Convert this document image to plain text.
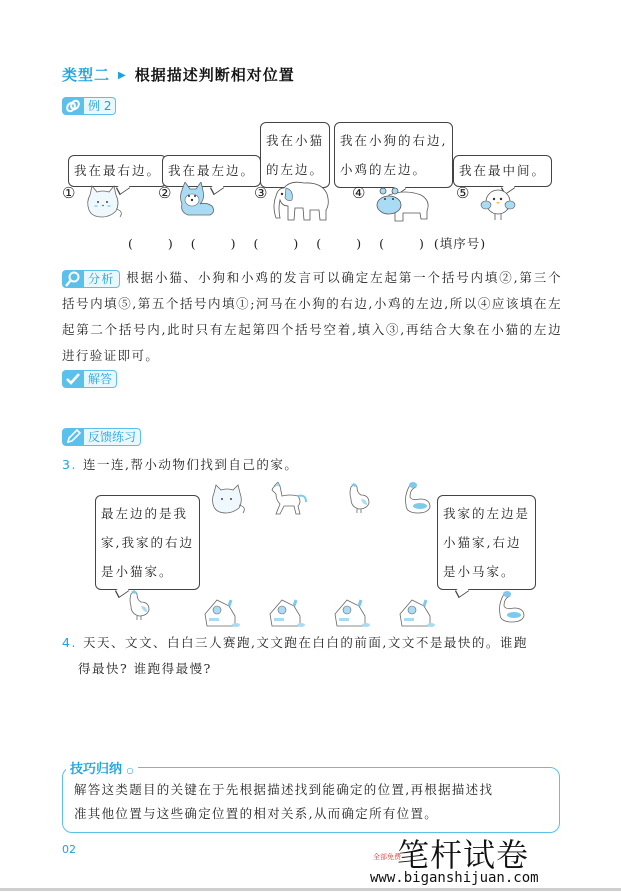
类型二 ▶ 根据描述判断相对位置
例 2
我在最右边。 我在最左边。
我在小猫
的左边。
我在小狗的右边,
小鸡的左边。	我在最中间。
①	②	③	④	⑤
(	) (	) (	) (	) (	) (填序号)
分析 根据小猫、小狗和小鸡的发言可以确定左起第一个括号内填②,第三个括号内填⑤,第五个括号内填①;河马在小狗的右边,小鸡的左边,所以④应该填在左起第二个括号内,此时只有左起第四个括号空着,填入③,再结合大象在小猫的左边进行验证即可。
解答
反馈练习
3. 连一连,帮小动物们找到自己的家。
最左边的是我
家,我家的右边
是小猫家。
我家的左边是
小猫家,右边
是小马家。
4. 天天、文文、白白三人赛跑,文文跑在白白的前面,文文不是最快的。谁跑
得最快? 谁跑得最慢?
技巧归纳 ○
解答这类题目的关键在于先根据描述找到能确定的位置,再根据描述找
准其他位置与这些确定位置的相对关系,从而确定所有位置。
02
全部免费
笔杆试卷
www.biganshijuan.com
